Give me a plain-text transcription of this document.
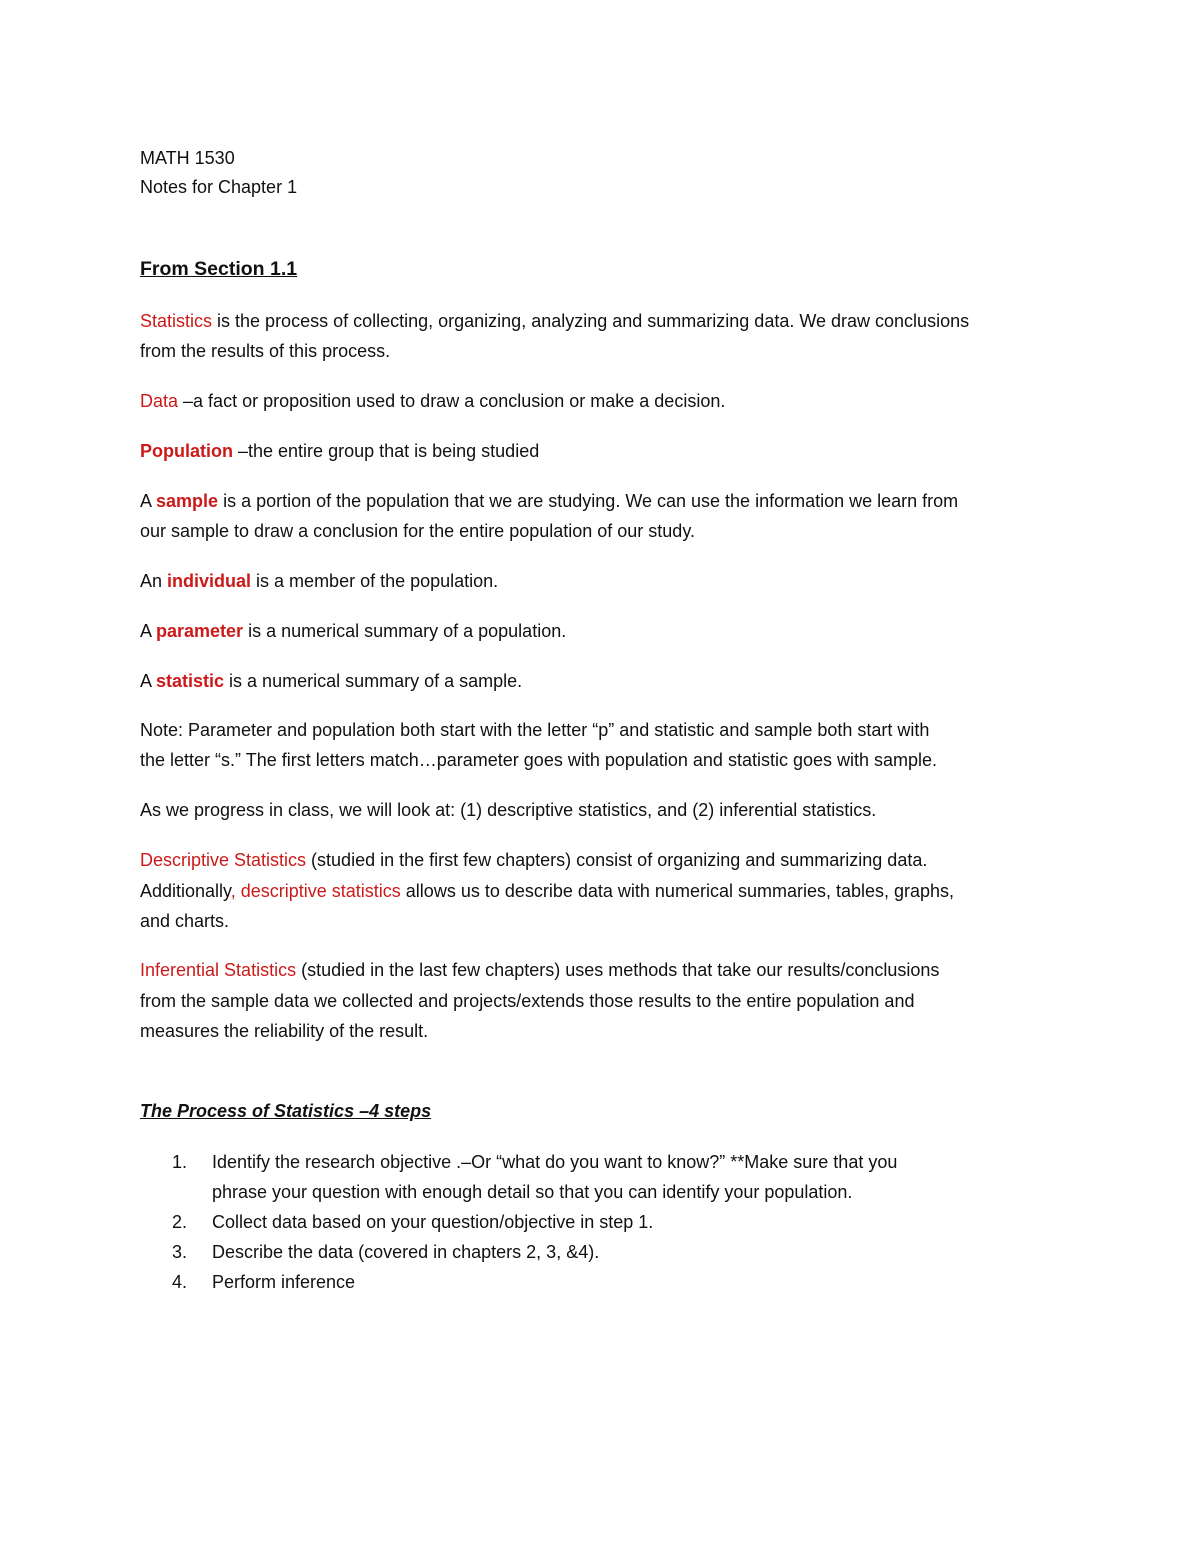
MATH 1530
Notes for Chapter 1
From Section 1.1
Statistics is the process of collecting, organizing, analyzing and summarizing data. We draw conclusions
from the results of this process.
Data –a fact or proposition used to draw a conclusion or make a decision.
Population –the entire group that is being studied
A sample is a portion of the population that we are studying. We can use the information we learn from
our sample to draw a conclusion for the entire population of our study.
An individual is a member of the population.
A parameter is a numerical summary of a population.
A statistic is a numerical summary of a sample.
Note: Parameter and population both start with the letter “p” and statistic and sample both start with
the letter “s.” The first letters match…parameter goes with population and statistic goes with sample.
As we progress in class, we will look at: (1) descriptive statistics, and (2) inferential statistics.
Descriptive Statistics (studied in the first few chapters) consist of organizing and summarizing data.
Additionally, descriptive statistics allows us to describe data with numerical summaries, tables, graphs,
and charts.
Inferential Statistics (studied in the last few chapters) uses methods that take our results/conclusions
from the sample data we collected and projects/extends those results to the entire population and
measures the reliability of the result.
The Process of Statistics –4 steps
1. Identify the research objective .–Or “what do you want to know?” **Make sure that you
phrase your question with enough detail so that you can identify your population.
2. Collect data based on your question/objective in step 1.
3. Describe the data (covered in chapters 2, 3, &4).
4. Perform inference
